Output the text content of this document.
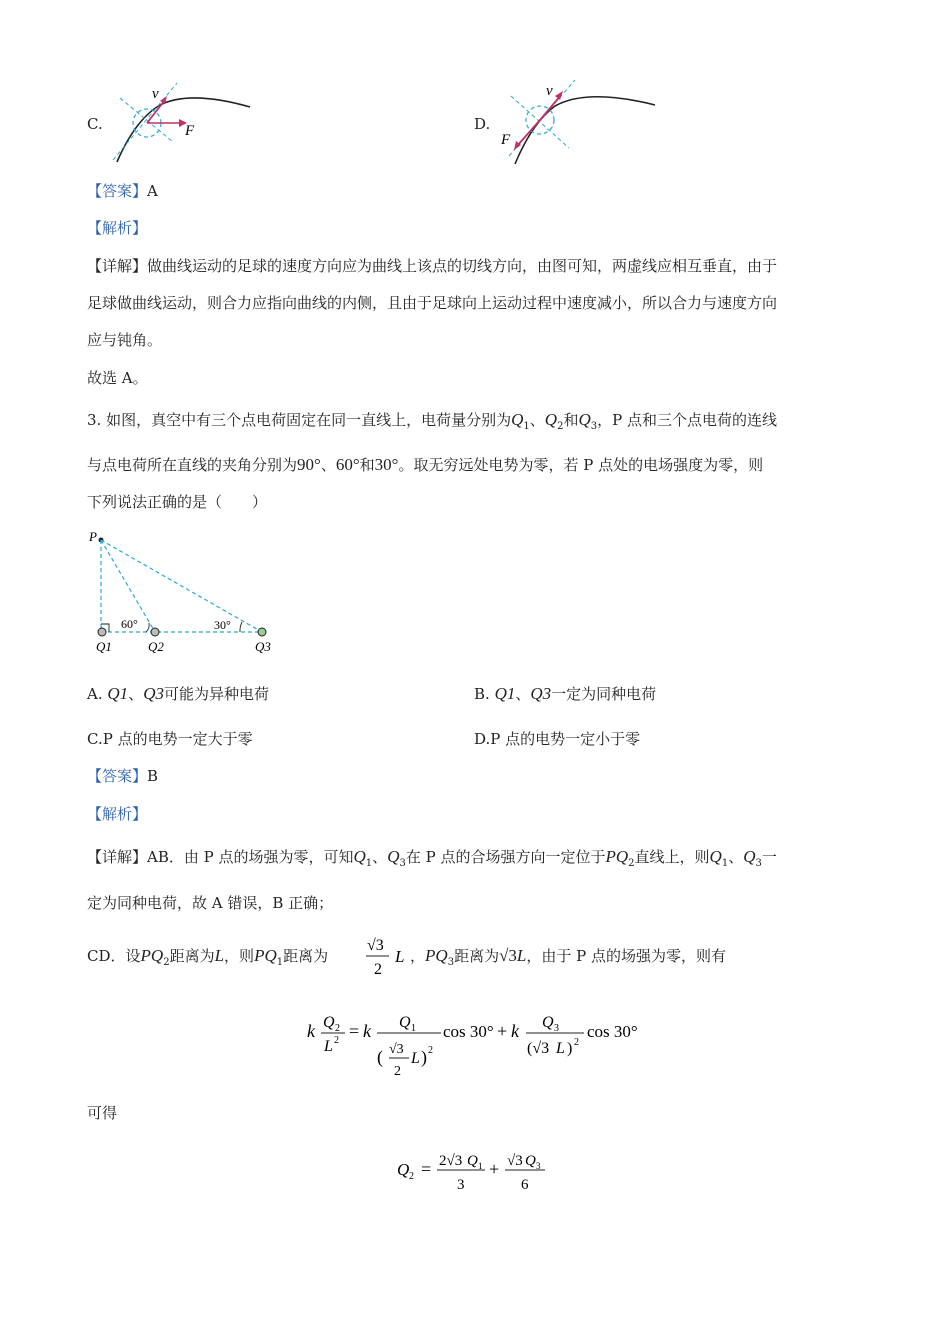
C.
v
F	D.
v
F
【答案】A
【解析】
【详解】做曲线运动的足球的速度方向应为曲线上该点的切线方向，由图可知，两虚线应相互垂直，由于
足球做曲线运动，则合力应指向曲线的内侧，且由于足球向上运动过程中速度减小，所以合力与速度方向
应与钝角。
故选 A。
3. 如图，真空中有三个点电荷固定在同一直线上，电荷量分别为$Q_1$、$Q_2$和$Q_3$，P 点和三个点电荷的连线
与点电荷所在直线的夹角分别为90°、60°和30°。取无穷远处电势为零，若 P 点处的电场强度为零，则
下列说法正确的是（　　）
P
60°	30°
Q1	Q2	Q3
A. Q1、Q3可能为异种电荷	B. Q1、Q3一定为同种电荷
C.P 点的电势一定大于零	D.P 点的电势一定小于零
【答案】B
【解析】
【详解】AB．由 P 点的场强为零，可知$Q_1$、$Q_3$在 P 点的合场强方向一定位于$PQ_2$直线上，则$Q_1$、$Q_3$一
定为同种电荷，故 A 错误，B 正确；
CD．设$PQ_2$距离为L，则$PQ_1$距离为
√3
2
L ，$PQ_3$距离为√3L，由于 P 点的场强为零，则有
k Q 2
L 2 = k Q 1
( √3
2
L ) 2
cos 30° + k Q 3
(√3 L ) 2
cos 30°
可得
Q 2 = 2√3 Q 1
3
+ √3 Q 3
6
